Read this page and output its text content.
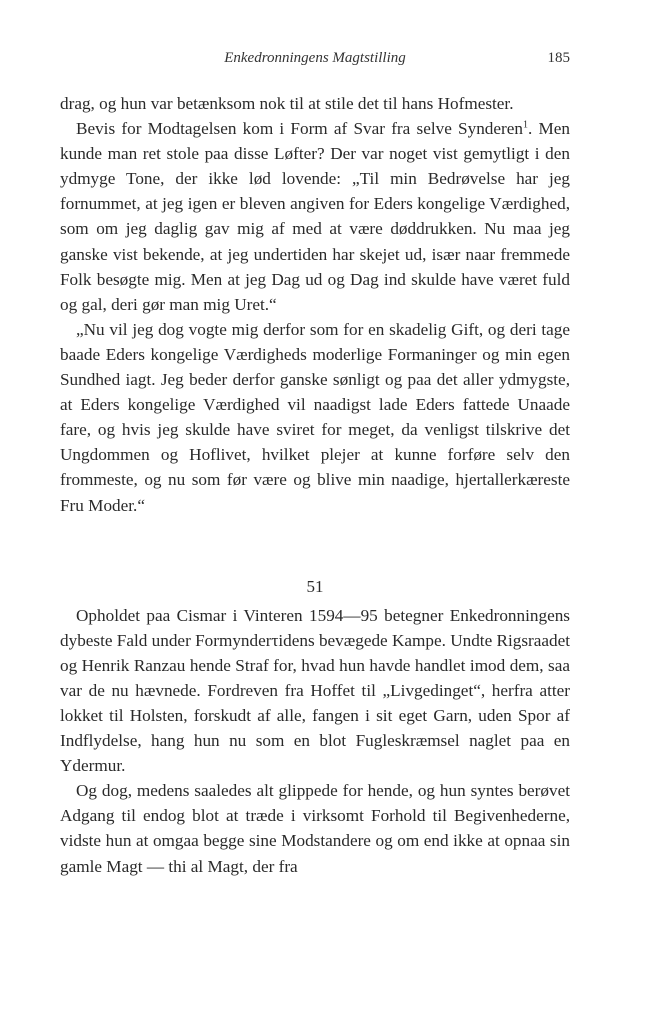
Enkedronningens Magtstilling	185

drag, og hun var betænksom nok til at stile det til hans Hofmester.

Bevis for Modtagelsen kom i Form af Svar fra selve Synderen$^1$. Men kunde man ret stole paa disse Løfter? Der var noget vist gemytligt i den ydmyge Tone, der ikke lød lovende: „Til min Bedrøvelse har jeg fornummet, at jeg igen er bleven angiven for Eders kongelige Værdighed, som om jeg daglig gav mig af med at være døddrukken. Nu maa jeg ganske vist bekende, at jeg undertiden har skejet ud, især naar fremmede Folk besøgte mig. Men at jeg Dag ud og Dag ind skulde have været fuld og gal, deri gør man mig Uret.“

„Nu vil jeg dog vogte mig derfor som for en skadelig Gift, og deri tage baade Eders kongelige Værdigheds moderlige Formaninger og min egen Sundhed iagt. Jeg beder derfor ganske sønligt og paa det aller ydmygste, at Eders kongelige Værdighed vil naadigst lade Eders fattede Unaade fare, og hvis jeg skulde have sviret for meget, da venligst tilskrive det Ungdommen og Hoflivet, hvilket plejer at kunne forføre selv den frommeste, og nu som før være og blive min naadige, hjertallerkæreste Fru Moder.“

51

Opholdet paa Cismar i Vinteren 1594—95 betegner Enkedronningens dybeste Fald under Formynderτidens bevægede Kampe. Undte Rigsraadet og Henrik Ranzau hende Straf for, hvad hun havde handlet imod dem, saa var de nu hævnede. Fordreven fra Hoffet til „Livgedinget“, herfra atter lokket til Holsten, forskudt af alle, fangen i sit eget Garn, uden Spor af Indflydelse, hang hun nu som en blot Fugleskræmsel naglet paa en Ydermur.

Og dog, medens saaledes alt glippede for hende, og hun syntes berøvet Adgang til endog blot at træde i virksomt Forhold til Begivenhederne, vidste hun at omgaa begge sine Modstandere og om end ikke at opnaa sin gamle Magt — thi al Magt, der fra
